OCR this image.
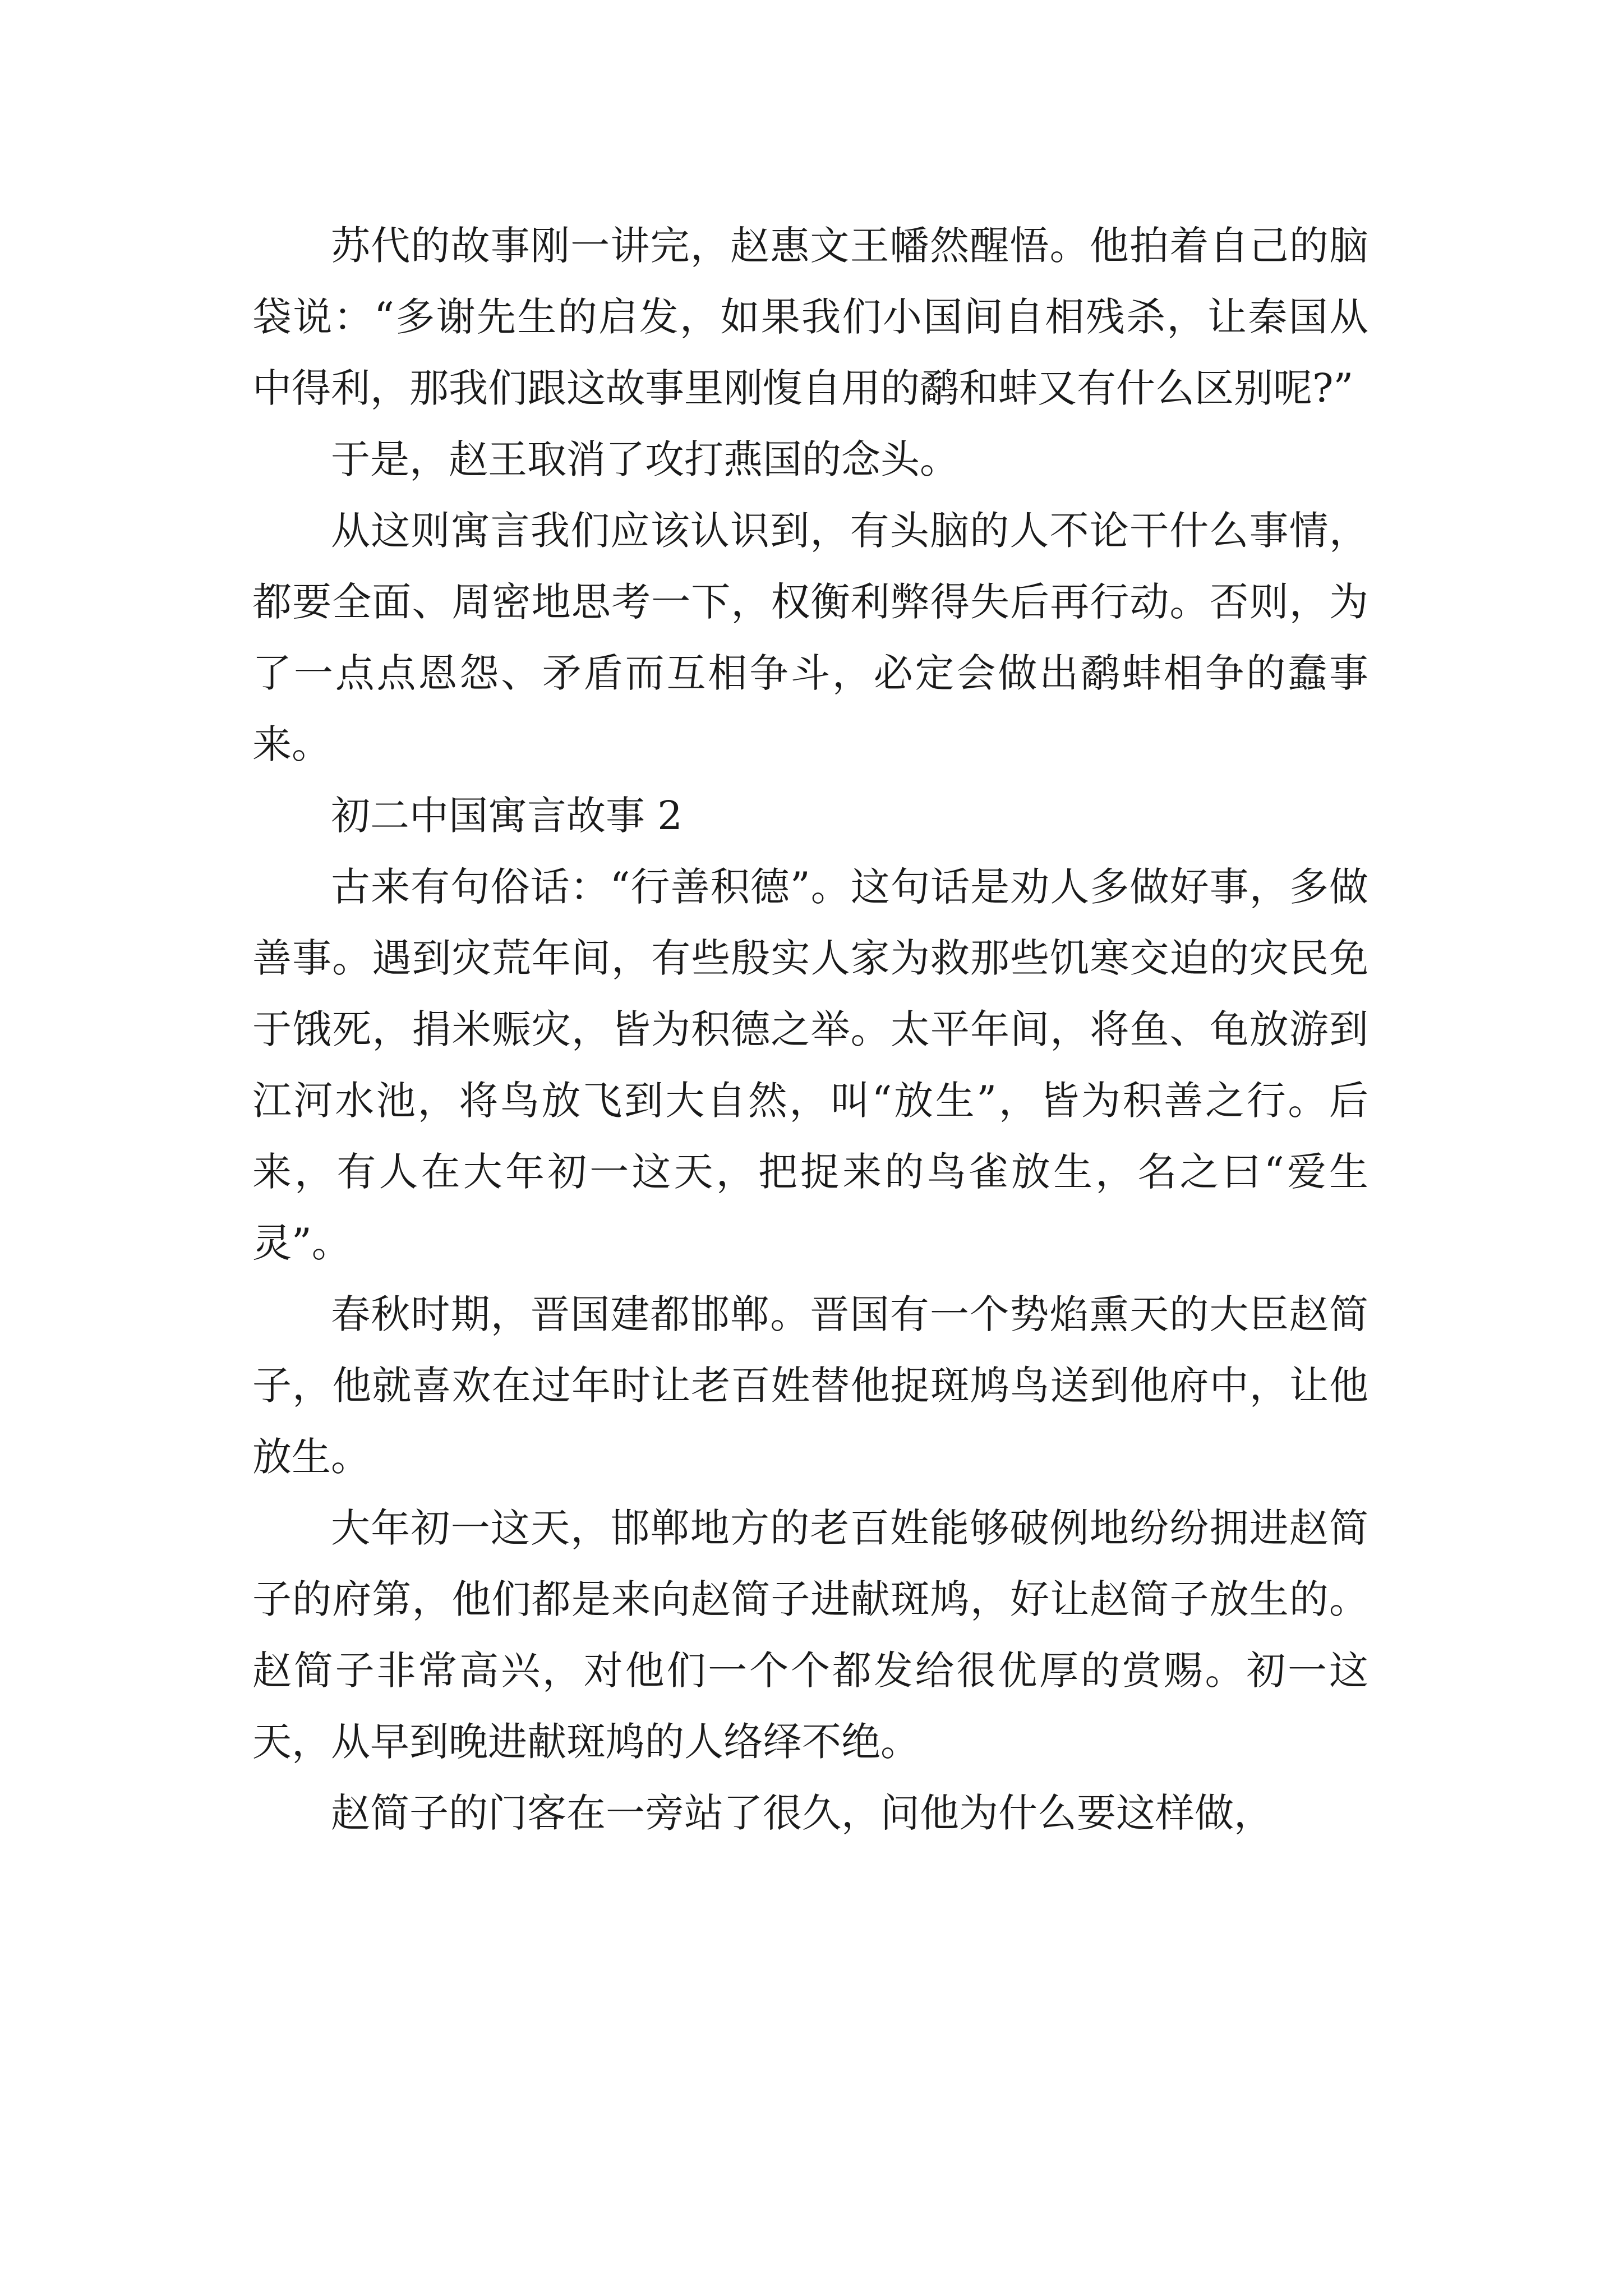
苏代的故事刚一讲完，赵惠文王幡然醒悟。他拍着自己的脑袋说：“多谢先生的启发，如果我们小国间自相残杀，让秦国从中得利，那我们跟这故事里刚愎自用的鹬和蚌又有什么区别呢?”

于是，赵王取消了攻打燕国的念头。

从这则寓言我们应该认识到，有头脑的人不论干什么事情，都要全面、周密地思考一下，权衡利弊得失后再行动。否则，为了一点点恩怨、矛盾而互相争斗，必定会做出鹬蚌相争的蠢事来。

初二中国寓言故事 2

古来有句俗话：“行善积德”。这句话是劝人多做好事，多做善事。遇到灾荒年间，有些殷实人家为救那些饥寒交迫的灾民免于饿死，捐米赈灾，皆为积德之举。太平年间，将鱼、龟放游到江河水池，将鸟放飞到大自然，叫“放生”，皆为积善之行。后来，有人在大年初一这天，把捉来的鸟雀放生，名之曰“爱生灵”。

春秋时期，晋国建都邯郸。晋国有一个势焰熏天的大臣赵简子，他就喜欢在过年时让老百姓替他捉斑鸠鸟送到他府中，让他放生。

大年初一这天，邯郸地方的老百姓能够破例地纷纷拥进赵简子的府第，他们都是来向赵简子进献斑鸠，好让赵简子放生的。赵简子非常高兴，对他们一个个都发给很优厚的赏赐。初一这天，从早到晚进献斑鸠的人络绎不绝。

赵简子的门客在一旁站了很久，问他为什么要这样做，
